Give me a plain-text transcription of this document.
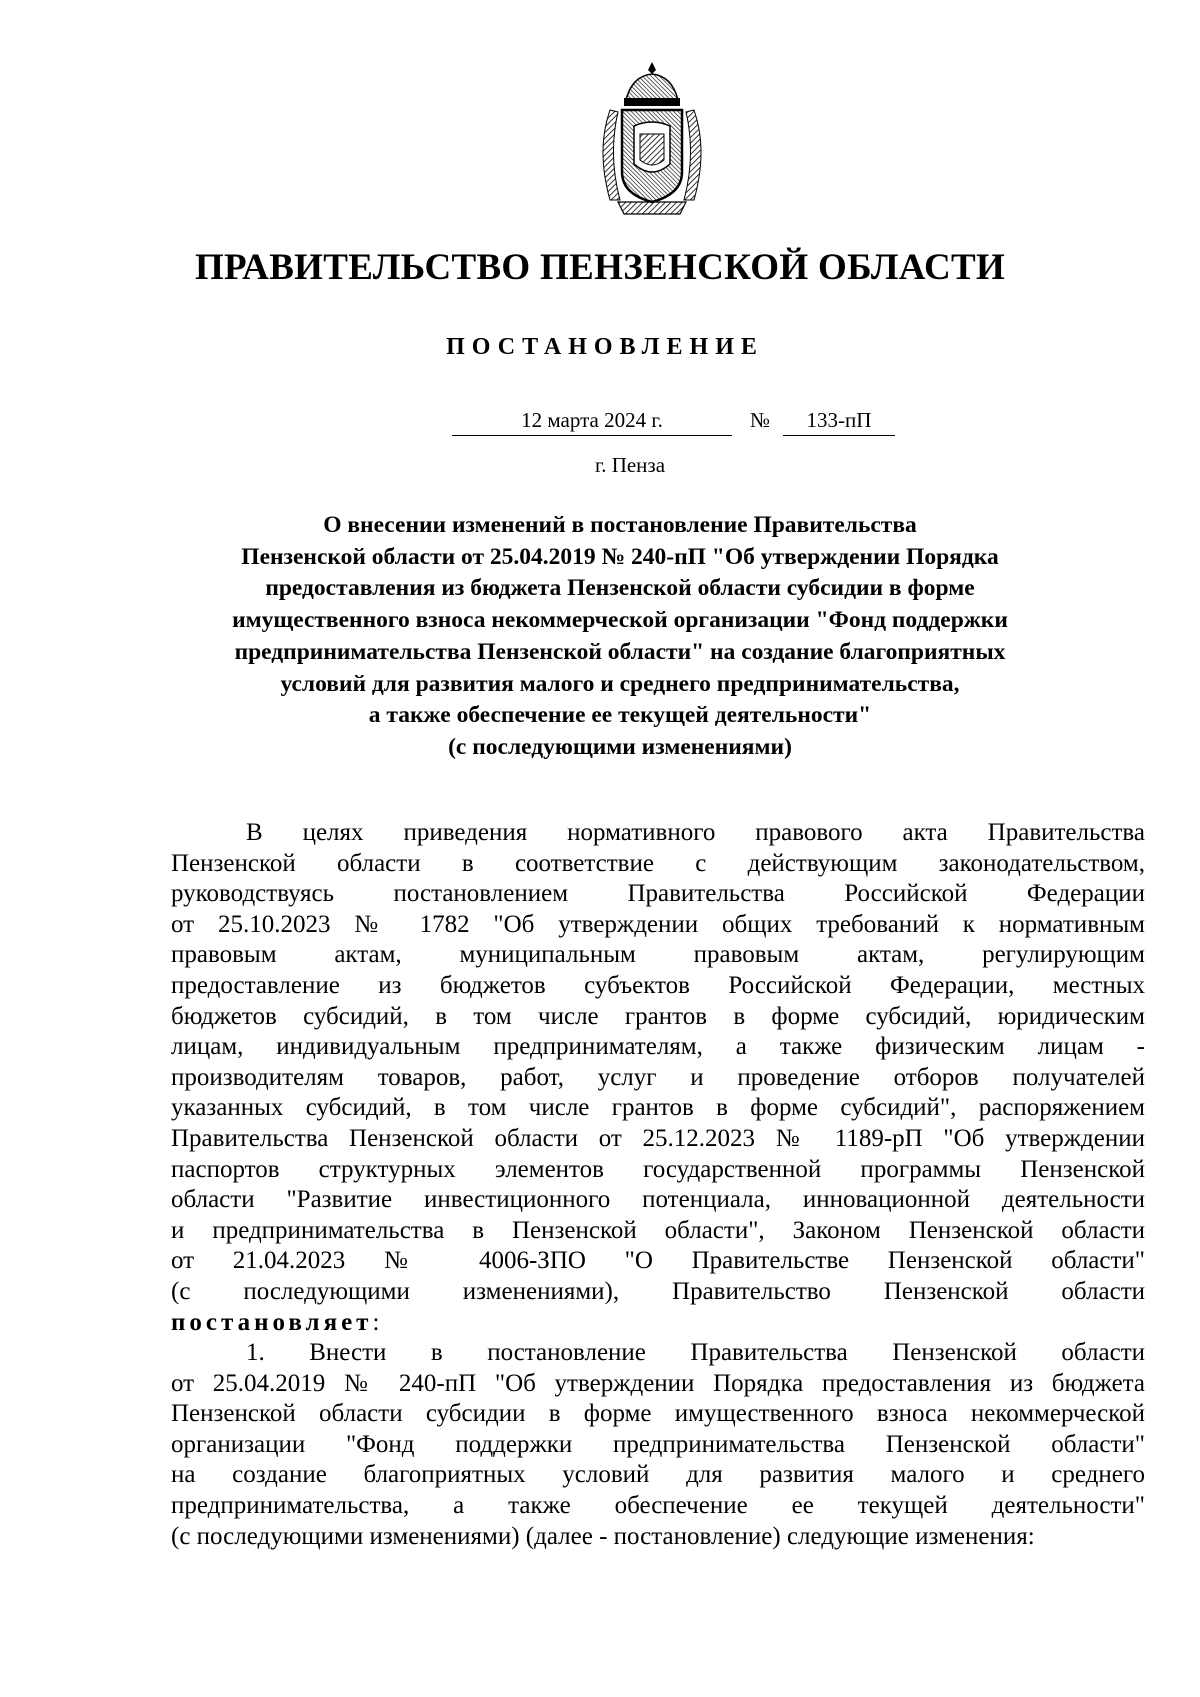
ПРАВИТЕЛЬСТВО ПЕНЗЕНСКОЙ ОБЛАСТИ
ПОСТАНОВЛЕНИЕ
12 марта 2024 г.	№	133-пП
г. Пенза
О внесении изменений в постановление Правительства
Пензенской области от 25.04.2019 № 240-пП "Об утверждении Порядка
предоставления из бюджета Пензенской области субсидии в форме
имущественного взноса некоммерческой организации "Фонд поддержки
предпринимательства Пензенской области" на создание благоприятных
условий для развития малого и среднего предпринимательства,
а также обеспечение ее текущей деятельности"
(с последующими изменениями)
В целях приведения нормативного правового акта Правительства
Пензенской области в соответствие с действующим законодательством,
руководствуясь постановлением Правительства Российской Федерации
от 25.10.2023 № 1782 "Об утверждении общих требований к нормативным
правовым актам, муниципальным правовым актам, регулирующим
предоставление из бюджетов субъектов Российской Федерации, местных
бюджетов субсидий, в том числе грантов в форме субсидий, юридическим
лицам, индивидуальным предпринимателям, а также физическим лицам -
производителям товаров, работ, услуг и проведение отборов получателей
указанных субсидий, в том числе грантов в форме субсидий", распоряжением
Правительства Пензенской области от 25.12.2023 № 1189-рП "Об утверждении
паспортов структурных элементов государственной программы Пензенской
области "Развитие инвестиционного потенциала, инновационной деятельности
и предпринимательства в Пензенской области", Законом Пензенской области
от 21.04.2023 № 4006-ЗПО "О Правительстве Пензенской области"
(с последующими изменениями), Правительство Пензенской области
постановляет:
1. Внести в постановление Правительства Пензенской области
от 25.04.2019 № 240-пП "Об утверждении Порядка предоставления из бюджета
Пензенской области субсидии в форме имущественного взноса некоммерческой
организации "Фонд поддержки предпринимательства Пензенской области"
на создание благоприятных условий для развития малого и среднего
предпринимательства, а также обеспечение ее текущей деятельности"
(с последующими изменениями) (далее - постановление) следующие изменения:
